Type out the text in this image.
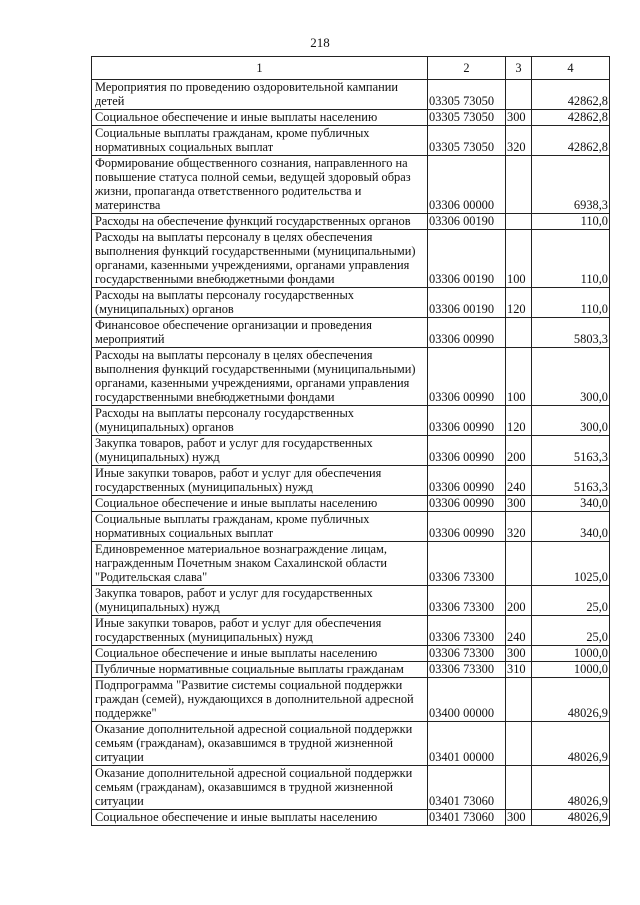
218
1	2	3	4
Мероприятия по проведению оздоровительной кампании детей	03305 73050		42862,8
Социальное обеспечение и иные выплаты населению	03305 73050	300	42862,8
Социальные выплаты гражданам, кроме публичных нормативных социальных выплат	03305 73050	320	42862,8
Формирование общественного сознания, направленного на повышение статуса полной семьи, ведущей здоровый образ жизни, пропаганда ответственного родительства и материнства	03306 00000		6938,3
Расходы на обеспечение функций государственных органов	03306 00190		110,0
Расходы на выплаты персоналу в целях обеспечения выполнения функций государственными (муниципальными) органами, казенными учреждениями, органами управления государственными внебюджетными фондами	03306 00190	100	110,0
Расходы на выплаты персоналу государственных (муниципальных) органов	03306 00190	120	110,0
Финансовое обеспечение организации и проведения мероприятий	03306 00990		5803,3
Расходы на выплаты персоналу в целях обеспечения выполнения функций государственными (муниципальными) органами, казенными учреждениями, органами управления государственными внебюджетными фондами	03306 00990	100	300,0
Расходы на выплаты персоналу государственных (муниципальных) органов	03306 00990	120	300,0
Закупка товаров, работ и услуг для государственных (муниципальных) нужд	03306 00990	200	5163,3
Иные закупки товаров, работ и услуг для обеспечения государственных (муниципальных) нужд	03306 00990	240	5163,3
Социальное обеспечение и иные выплаты населению	03306 00990	300	340,0
Социальные выплаты гражданам, кроме публичных нормативных социальных выплат	03306 00990	320	340,0
Единовременное материальное вознаграждение лицам, награжденным Почетным знаком Сахалинской области "Родительская слава"	03306 73300		1025,0
Закупка товаров, работ и услуг для государственных (муниципальных) нужд	03306 73300	200	25,0
Иные закупки товаров, работ и услуг для обеспечения государственных (муниципальных) нужд	03306 73300	240	25,0
Социальное обеспечение и иные выплаты населению	03306 73300	300	1000,0
Публичные нормативные социальные выплаты гражданам	03306 73300	310	1000,0
Подпрограмма "Развитие системы социальной поддержки граждан (семей), нуждающихся в дополнительной адресной поддержке"	03400 00000		48026,9
Оказание дополнительной адресной социальной поддержки семьям (гражданам), оказавшимся в трудной жизненной ситуации	03401 00000		48026,9
Оказание дополнительной адресной социальной поддержки семьям (гражданам), оказавшимся в трудной жизненной ситуации	03401 73060		48026,9
Социальное обеспечение и иные выплаты населению	03401 73060	300	48026,9
